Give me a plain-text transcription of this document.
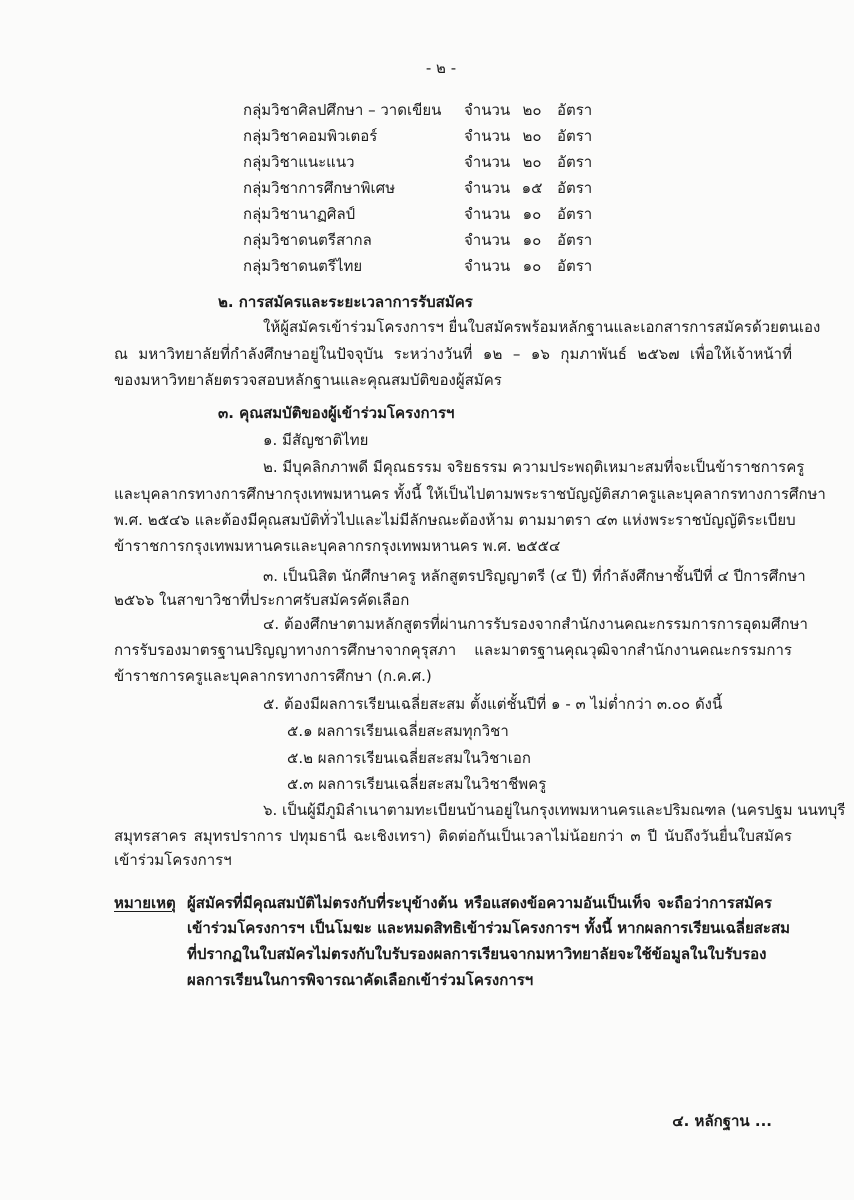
- ๒ -
กลุ่มวิชาศิลปศึกษา – วาดเขียน จำนวน ๒๐	อัตรา
กลุ่มวิชาคอมพิวเตอร์	จำนวน ๒๐	อัตรา
กลุ่มวิชาแนะแนว	จำนวน ๒๐	อัตรา
กลุ่มวิชาการศึกษาพิเศษ	จำนวน ๑๕ อัตรา
กลุ่มวิชานาฏศิลป์	จำนวน ๑๐	อัตรา
กลุ่มวิชาดนตรีสากล	จำนวน ๑๐	อัตรา
กลุ่มวิชาดนตรีไทย	จำนวน ๑๐	อัตรา
๒. การสมัครและระยะเวลาการรับสมัคร
ให้ผู้สมัครเข้าร่วมโครงการฯ ยื่นใบสมัครพร้อมหลักฐานและเอกสารการสมัครด้วยตนเอง
ณ มหาวิทยาลัยที่กำลังศึกษาอยู่ในปัจจุบัน ระหว่างวันที่ ๑๒ – ๑๖ กุมภาพันธ์ ๒๕๖๗ เพื่อให้เจ้าหน้าที่
ของมหาวิทยาลัยตรวจสอบหลักฐานและคุณสมบัติของผู้สมัคร
๓. คุณสมบัติของผู้เข้าร่วมโครงการฯ
๑. มีสัญชาติไทย
๒. มีบุคลิกภาพดี มีคุณธรรม จริยธรรม ความประพฤติเหมาะสมที่จะเป็นข้าราชการครู
และบุคลากรทางการศึกษากรุงเทพมหานคร ทั้งนี้ ให้เป็นไปตามพระราชบัญญัติสภาครูและบุคลากรทางการศึกษา
พ.ศ. ๒๕๔๖ และต้องมีคุณสมบัติทั่วไปและไม่มีลักษณะต้องห้าม ตามมาตรา ๔๓ แห่งพระราชบัญญัติระเบียบ
ข้าราชการกรุงเทพมหานครและบุคลากรกรุงเทพมหานคร พ.ศ. ๒๕๕๔
๓. เป็นนิสิต นักศึกษาครู หลักสูตรปริญญาตรี (๔ ปี) ที่กำลังศึกษาชั้นปีที่ ๔ ปีการศึกษา
๒๕๖๖ ในสาขาวิชาที่ประกาศรับสมัครคัดเลือก
๔. ต้องศึกษาตามหลักสูตรที่ผ่านการรับรองจากสำนักงานคณะกรรมการการอุดมศึกษา
การรับรองมาตรฐานปริญญาทางการศึกษาจากคุรุสภา และมาตรฐานคุณวุฒิจากสำนักงานคณะกรรมการ
ข้าราชการครูและบุคลากรทางการศึกษา (ก.ค.ศ.)
๕. ต้องมีผลการเรียนเฉลี่ยสะสม ตั้งแต่ชั้นปีที่ ๑ - ๓ ไม่ต่ำกว่า ๓.๐๐ ดังนี้
๕.๑ ผลการเรียนเฉลี่ยสะสมทุกวิชา
๕.๒ ผลการเรียนเฉลี่ยสะสมในวิชาเอก
๕.๓ ผลการเรียนเฉลี่ยสะสมในวิชาชีพครู
๖. เป็นผู้มีภูมิลำเนาตามทะเบียนบ้านอยู่ในกรุงเทพมหานครและปริมณฑล (นครปฐม นนทบุรี
สมุทรสาคร สมุทรปราการ ปทุมธานี ฉะเชิงเทรา) ติดต่อกันเป็นเวลาไม่น้อยกว่า ๓ ปี นับถึงวันยื่นใบสมัคร
เข้าร่วมโครงการฯ
หมายเหตุ ผู้สมัครที่มีคุณสมบัติไม่ตรงกับที่ระบุข้างต้น หรือแสดงข้อความอันเป็นเท็จ จะถือว่าการสมัคร
เข้าร่วมโครงการฯ เป็นโมฆะ และหมดสิทธิเข้าร่วมโครงการฯ ทั้งนี้ หากผลการเรียนเฉลี่ยสะสม
ที่ปรากฏในใบสมัครไม่ตรงกับใบรับรองผลการเรียนจากมหาวิทยาลัยจะใช้ข้อมูลในใบรับรอง
ผลการเรียนในการพิจารณาคัดเลือกเข้าร่วมโครงการฯ
๔. หลักฐาน ...
